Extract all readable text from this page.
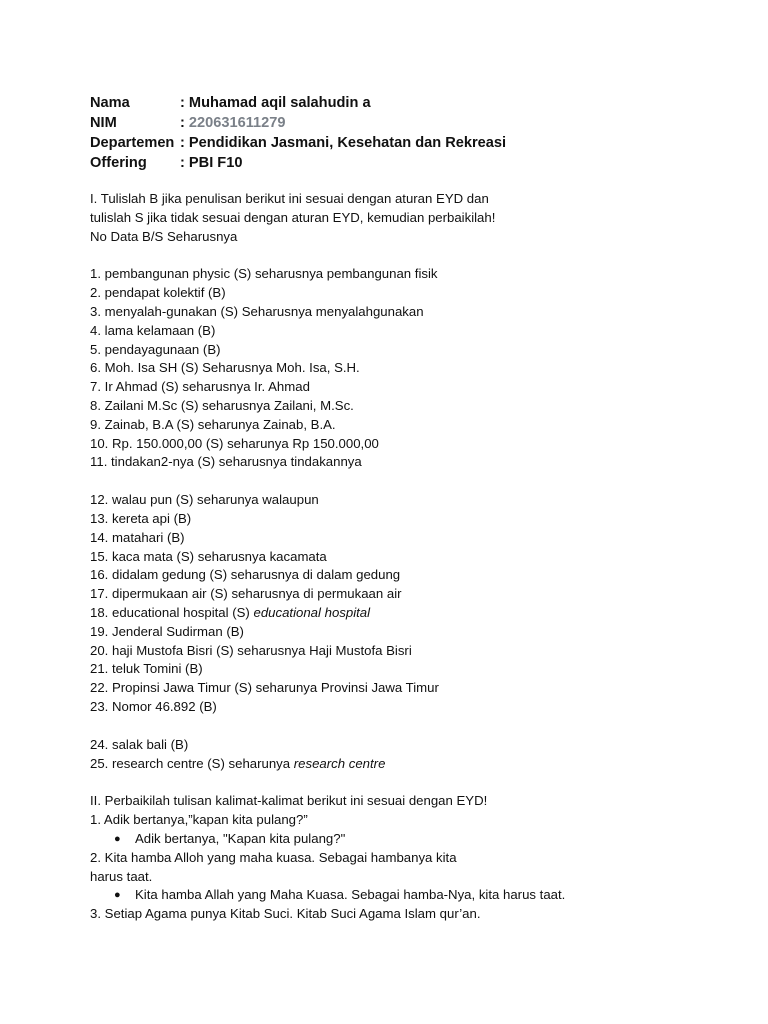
Nama	: Muhamad aqil salahudin a
NIM	: 220631611279
Departemen : Pendidikan Jasmani, Kesehatan dan Rekreasi
Offering	: PBI F10
I. Tulislah B jika penulisan berikut ini sesuai dengan aturan EYD dan
tulislah S jika tidak sesuai dengan aturan EYD, kemudian perbaikilah!
No Data B/S Seharusnya
1. pembangunan physic (S) seharusnya pembangunan fisik
2. pendapat kolektif (B)
3. menyalah-gunakan (S) Seharusnya menyalahgunakan
4. lama kelamaan (B)
5. pendayagunaan (B)
6. Moh. Isa SH (S) Seharusnya Moh. Isa, S.H.
7. Ir Ahmad (S) seharusnya Ir. Ahmad
8. Zailani M.Sc (S) seharusnya Zailani, M.Sc.
9. Zainab, B.A (S) seharunya Zainab, B.A.
10. Rp. 150.000,00 (S) seharunya Rp 150.000,00
11. tindakan2-nya (S) seharusnya tindakannya
12. walau pun (S) seharunya walaupun
13. kereta api (B)
14. matahari (B)
15. kaca mata (S) seharusnya kacamata
16. didalam gedung (S) seharusnya di dalam gedung
17. dipermukaan air (S) seharusnya di permukaan air
18. educational hospital (S) educational hospital
19. Jenderal Sudirman (B)
20. haji Mustofa Bisri (S) seharusnya Haji Mustofa Bisri
21. teluk Tomini (B)
22. Propinsi Jawa Timur (S) seharunya Provinsi Jawa Timur
23. Nomor 46.892 (B)
24. salak bali (B)
25. research centre (S) seharunya research centre
II. Perbaikilah tulisan kalimat-kalimat berikut ini sesuai dengan EYD!
1. Adik bertanya,”kapan kita pulang?”
●	Adik bertanya, "Kapan kita pulang?"
2. Kita hamba Alloh yang maha kuasa. Sebagai hambanya kita
harus taat.
●	Kita hamba Allah yang Maha Kuasa. Sebagai hamba-Nya, kita harus taat.
3. Setiap Agama punya Kitab Suci. Kitab Suci Agama Islam qur’an.
